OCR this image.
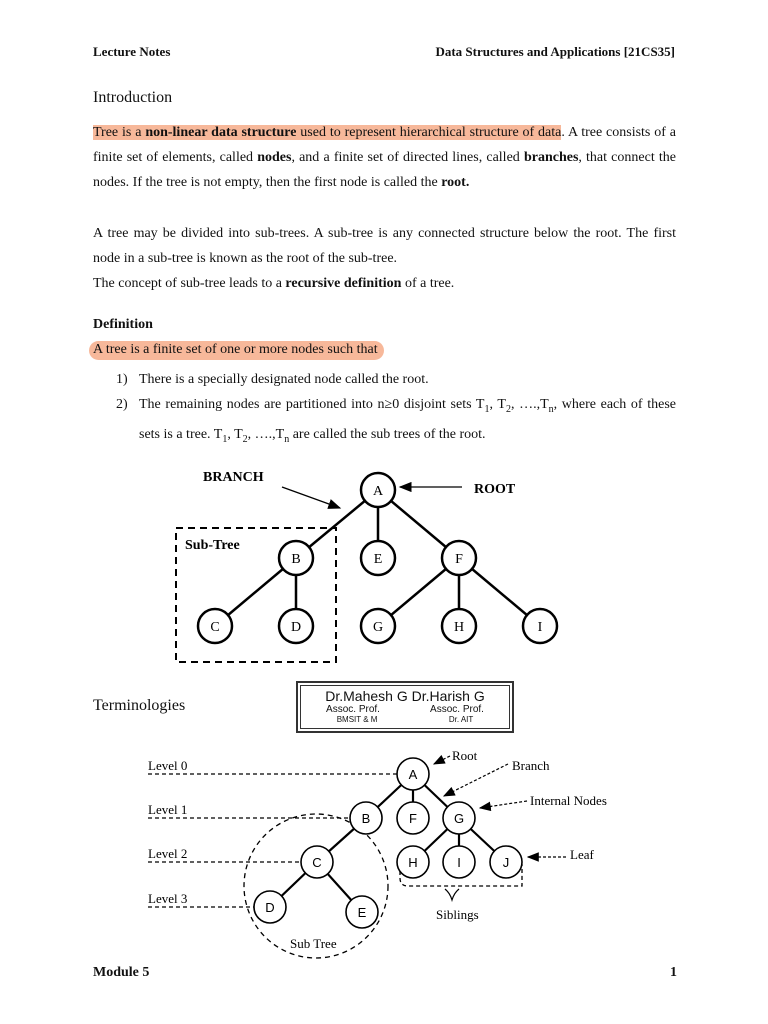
Lecture Notes	Data Structures and Applications [21CS35]
Introduction

Tree is a non-linear data structure used to represent hierarchical structure of data. A tree consists of a finite set of elements, called nodes, and a finite set of directed lines, called branches, that connect the nodes. If the tree is not empty, then the first node is called the root.

A tree may be divided into sub-trees. A sub-tree is any connected structure below the root. The first node in a sub-tree is known as the root of the sub-tree.

The concept of sub-tree leads to a recursive definition of a tree.

Definition
A tree is a finite set of one or more nodes such that
1) There is a specially designated node called the root.
2) The remaining nodes are partitioned into n≥0 disjoint sets $T_1$, $T_2$, $\dots.,T_n$, where each of these sets is a tree. $T_1$, $T_2$, $\dots.,T_n$ are called the sub trees of the root.
A
B	E	F
C	D	G	H	I
BRANCH
ROOT
Sub-Tree
A
B	F	G
C	H	I	J
D	E
Level 0
Level 1
Level 2
Level 3
Root
Branch
Internal Nodes
Leaf
Siblings
Sub Tree
Terminologies
Dr.Mahesh G Dr.Harish G
Assoc. Prof.	Assoc. Prof.
BMSIT & M	Dr. AIT
Module 5	1
